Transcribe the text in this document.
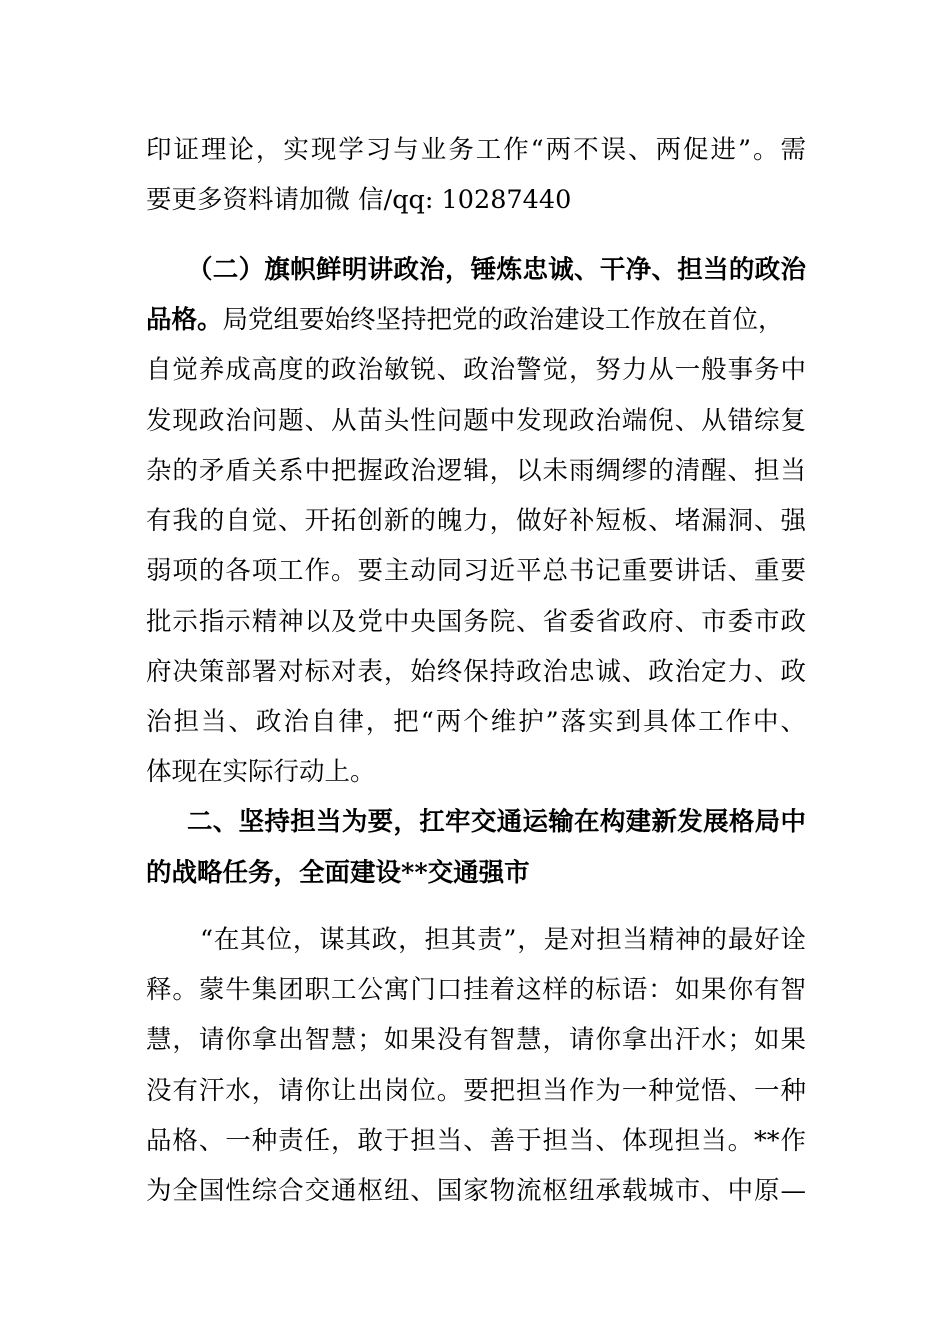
印证理论，实现学习与业务工作“两不误、两促进”。需
要更多资料请加微 信/qq: 10287440
（二）旗帜鲜明讲政治，锤炼忠诚、干净、担当的政治
品格。局党组要始终坚持把党的政治建设工作放在首位，
自觉养成高度的政治敏锐、政治警觉，努力从一般事务中
发现政治问题、从苗头性问题中发现政治端倪、从错综复
杂的矛盾关系中把握政治逻辑，以未雨绸缪的清醒、担当
有我的自觉、开拓创新的魄力，做好补短板、堵漏洞、强
弱项的各项工作。要主动同习近平总书记重要讲话、重要
批示指示精神以及党中央国务院、省委省政府、市委市政
府决策部署对标对表，始终保持政治忠诚、政治定力、政
治担当、政治自律，把“两个维护”落实到具体工作中、
体现在实际行动上。
二、坚持担当为要，扛牢交通运输在构建新发展格局中
的战略任务，全面建设**交通强市
“在其位，谋其政，担其责”，是对担当精神的最好诠
释。蒙牛集团职工公寓门口挂着这样的标语：如果你有智
慧，请你拿出智慧；如果没有智慧，请你拿出汗水；如果
没有汗水，请你让出岗位。要把担当作为一种觉悟、一种
品格、一种责任，敢于担当、善于担当、体现担当。**作
为全国性综合交通枢纽、国家物流枢纽承载城市、中原—
